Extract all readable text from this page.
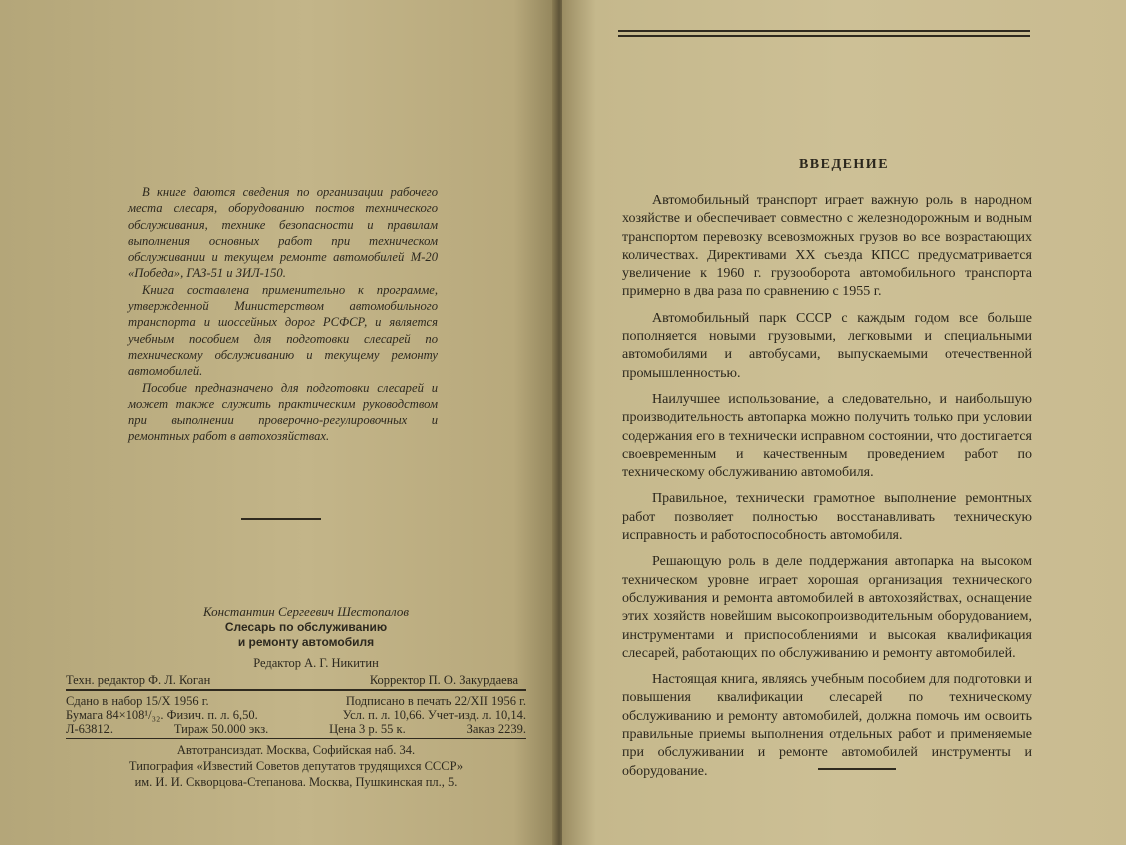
В книге даются сведения по организации рабочего места слесаря, оборудованию постов технического обслуживания, технике безопасности и правилам выполнения основных работ при техническом обслуживании и текущем ремонте автомобилей М-20 «Победа», ГАЗ-51 и ЗИЛ-150.

Книга составлена применительно к программе, утвержденной Министерством автомобильного транспорта и шоссейных дорог РСФСР, и является учебным пособием для подготовки слесарей по техническому обслуживанию и текущему ремонту автомобилей.

Пособие предназначено для подготовки слесарей и может также служить практическим руководством при выполнении проверочно-регулировочных и ремонтных работ в автохозяйствах.

Константин Сергеевич Шестопалов
Слесарь по обслуживанию
и ремонту автомобиля
Редактор А. Г. Никитин
Техн. редактор Ф. Л. Коган	Корректор П. О. Закурдаева
Сдано в набор 15/X 1956 г.	Подписано в печать 22/XII 1956 г.
Бумага 84×108¹/₃₂. Физич. п. л. 6,50.	Усл. п. л. 10,66. Учет-изд. л. 10,14.
Л-63812.	Тираж 50.000 экз.	Цена 3 р. 55 к.	Заказ 2239.
Автотрансиздат. Москва, Софийская наб. 34.
Типография «Известий Советов депутатов трудящихся СССР»
им. И. И. Скворцова-Степанова. Москва, Пушкинская пл., 5.
ВВЕДЕНИЕ

Автомобильный транспорт играет важную роль в народном хозяйстве и обеспечивает совместно с железнодорожным и водным транспортом перевозку всевозможных грузов во все возрастающих количествах. Директивами XX съезда КПСС предусматривается увеличение к 1960 г. грузооборота автомобильного транспорта примерно в два раза по сравнению с 1955 г.

Автомобильный парк СССР с каждым годом все больше пополняется новыми грузовыми, легковыми и специальными автомобилями и автобусами, выпускаемыми отечественной промышленностью.

Наилучшее использование, а следовательно, и наибольшую производительность автопарка можно получить только при условии содержания его в технически исправном состоянии, что достигается своевременным и качественным проведением работ по техническому обслуживанию автомобиля.

Правильное, технически грамотное выполнение ремонтных работ позволяет полностью восстанавливать техническую исправность и работоспособность автомобиля.

Решающую роль в деле поддержания автопарка на высоком техническом уровне играет хорошая организация технического обслуживания и ремонта автомобилей в автохозяйствах, оснащение этих хозяйств новейшим высокопроизводительным оборудованием, инструментами и приспособлениями и высокая квалификация слесарей, работающих по обслуживанию и ремонту автомобилей.

Настоящая книга, являясь учебным пособием для подготовки и повышения квалификации слесарей по техническому обслуживанию и ремонту автомобилей, должна помочь им освоить правильные приемы выполнения отдельных работ и применяемые при обслуживании и ремонте автомобилей инструменты и оборудование.
